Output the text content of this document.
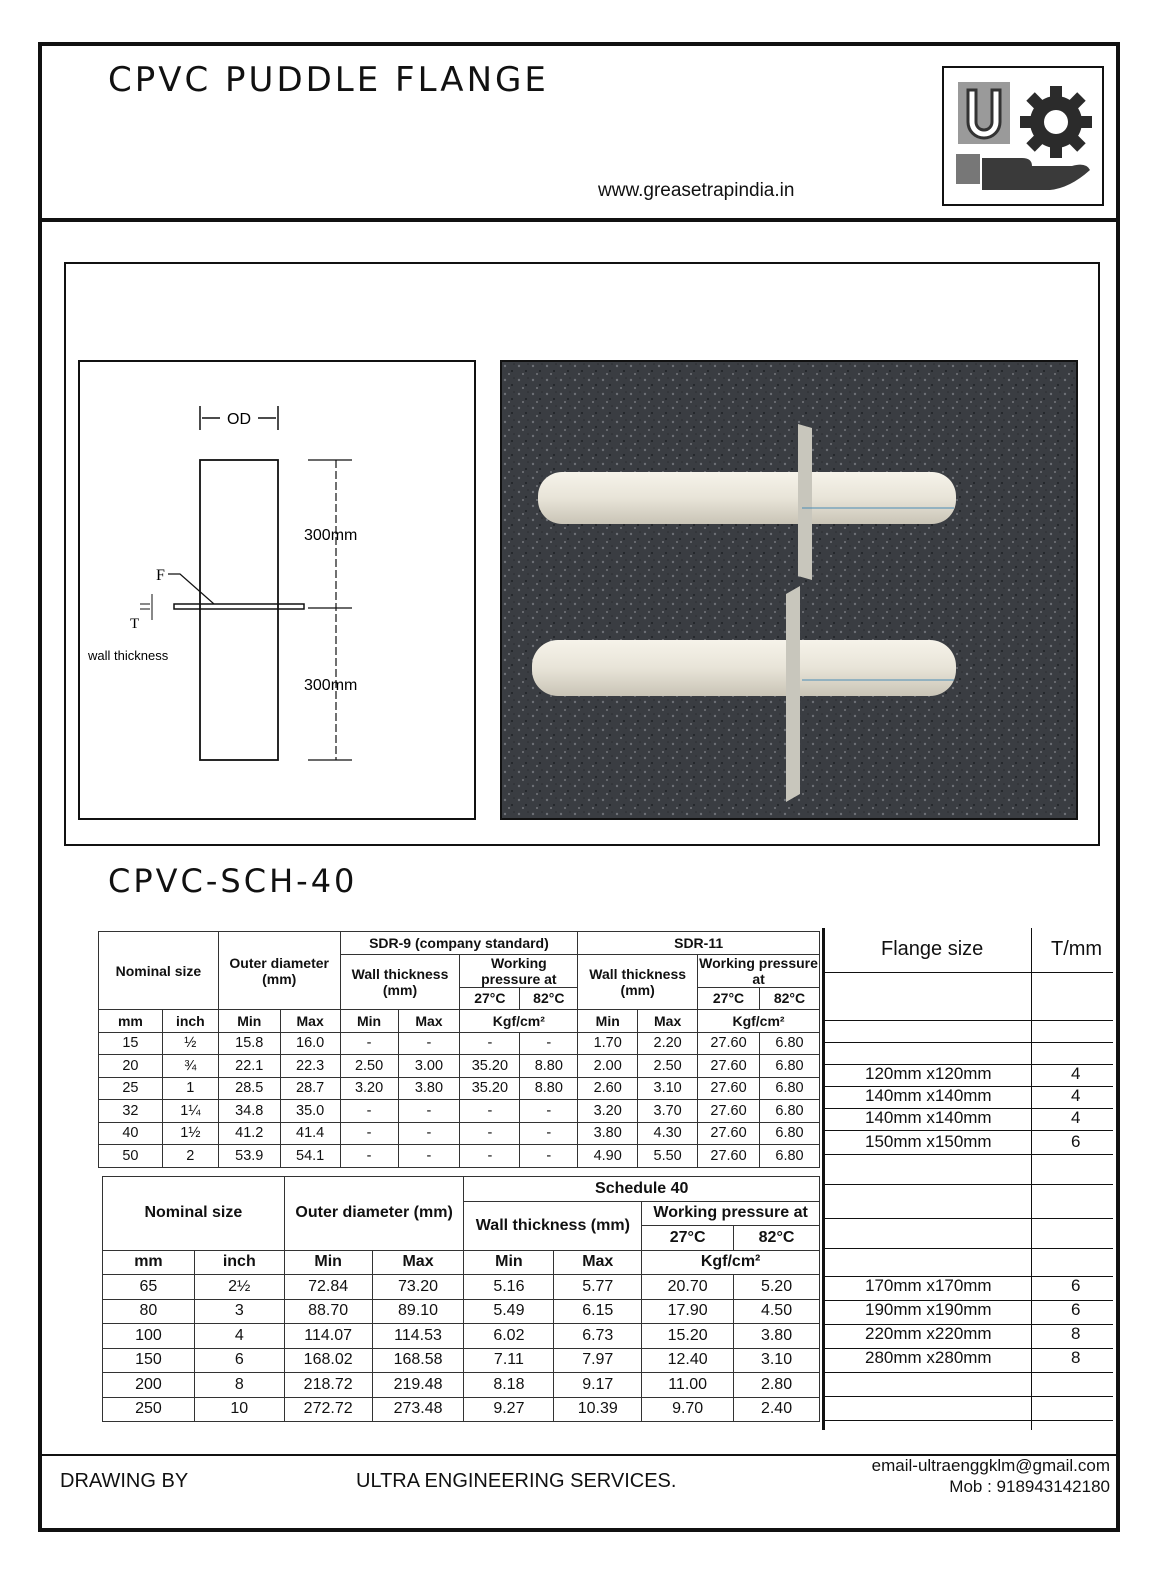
CPVC PUDDLE FLANGE
www.greasetrapindia.in
OD
300mm
300mm
F
T
wall thickness
CPVC-SCH-40
Nominal size		Outer diameter (mm)		SDR-9 (company standard)				SDR-11			
				Wall thickness (mm)		Working pressure at		Wall thickness (mm)		Working pressure at	
						27°C	82°C			27°C	82°C
mm	inch	Min	Max	Min	Max	Kgf/cm²		Min	Max	Kgf/cm²	
15	½	15.8	16.0	-	-	-	-	1.70	2.20	27.60	6.80
20	¾	22.1	22.3	2.50	3.00	35.20	8.80	2.00	2.50	27.60	6.80
25	1	28.5	28.7	3.20	3.80	35.20	8.80	2.60	3.10	27.60	6.80
32	1¼	34.8	35.0	-	-	-	-	3.20	3.70	27.60	6.80
40	1½	41.2	41.4	-	-	-	-	3.80	4.30	27.60	6.80
50	2	53.9	54.1	-	-	-	-	4.90	5.50	27.60	6.80
Nominal size		Outer diameter (mm)		Schedule 40			
				Wall thickness (mm)		Working pressure at	
						27°C	82°C
mm	inch	Min	Max	Min	Max	Kgf/cm²	
65	2½	72.84	73.20	5.16	5.77	20.70	5.20
80	3	88.70	89.10	5.49	6.15	17.90	4.50
100	4	114.07	114.53	6.02	6.73	15.20	3.80
150	6	168.02	168.58	7.11	7.97	12.40	3.10
200	8	218.72	219.48	8.18	9.17	11.00	2.80
250	10	272.72	273.48	9.27	10.39	9.70	2.40
Flange size	T/mm
120mm x120mm	4
140mm x140mm	4
140mm x140mm	4
150mm x150mm	6
170mm x170mm	6
190mm x190mm	6
220mm x220mm	8
280mm x280mm	8
DRAWING BY	ULTRA ENGINEERING SERVICES.
email-ultraenggklm@gmail.com
Mob : 918943142180
